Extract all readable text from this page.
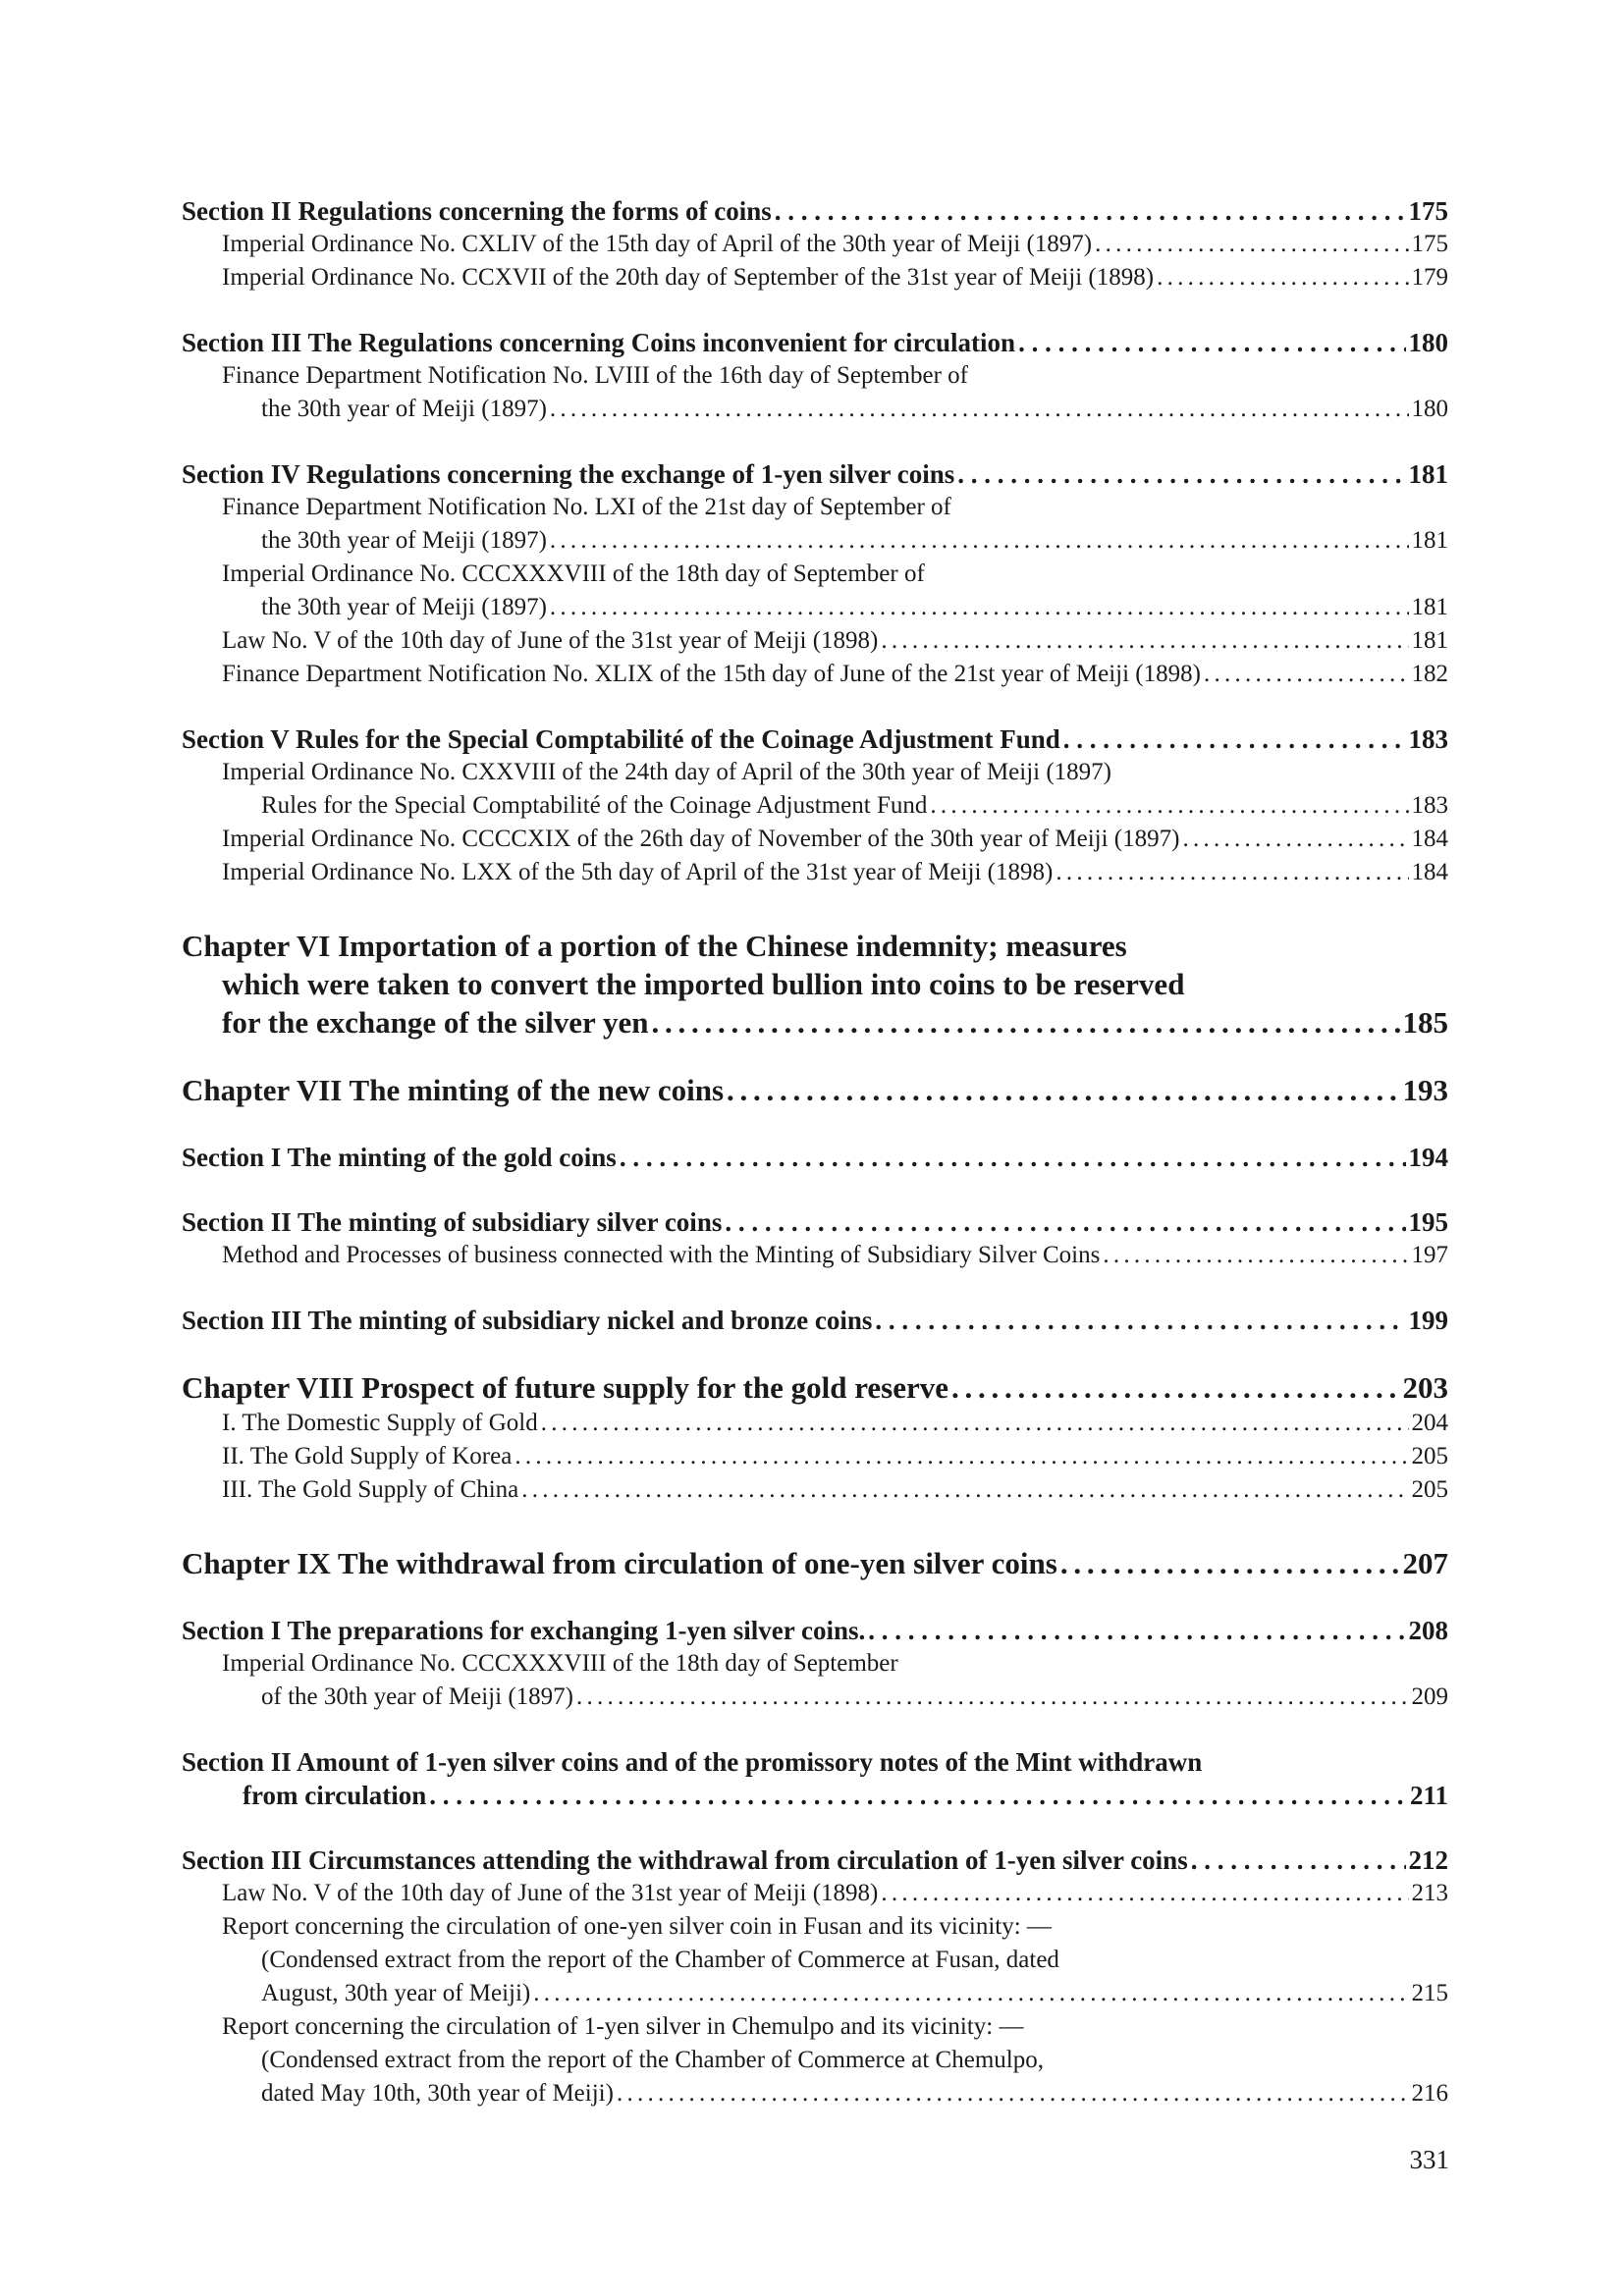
Section II Regulations concerning the forms of coins . . .	175
Imperial Ordinance No. CXLIV of the 15th day of April of the 30th year of Meiji (1897) . . .	175
Imperial Ordinance No. CCXVII of the 20th day of September of the 31st year of Meiji (1898) . . .	179
Section III The Regulations concerning Coins inconvenient for circulation . . .	180
Finance Department Notification No. LVIII of the 16th day of September of
the 30th year of Meiji (1897) . . .	180
Section IV Regulations concerning the exchange of 1-yen silver coins . . .	181
Finance Department Notification No. LXI of the 21st day of September of
the 30th year of Meiji (1897) . . .	181
Imperial Ordinance No. CCCXXXVIII of the 18th day of September of
the 30th year of Meiji (1897) . . .	181
Law No. V of the 10th day of June of the 31st year of Meiji (1898) . . .	181
Finance Department Notification No. XLIX of the 15th day of June of the 21st year of Meiji (1898) . . .	182
Section V Rules for the Special Comptabilité of the Coinage Adjustment Fund . . .	183
Imperial Ordinance No. CXXVIII of the 24th day of April of the 30th year of Meiji (1897)
Rules for the Special Comptabilité of the Coinage Adjustment Fund . . .	183
Imperial Ordinance No. CCCCXIX of the 26th day of November of the 30th year of Meiji (1897) . . .	184
Imperial Ordinance No. LXX of the 5th day of April of the 31st year of Meiji (1898) . . .	184
Chapter VI Importation of a portion of the Chinese indemnity; measures
which were taken to convert the imported bullion into coins to be reserved
for the exchange of the silver yen . . .	185
Chapter VII The minting of the new coins . . .	193
Section I The minting of the gold coins . . .	194
Section II The minting of subsidiary silver coins . . .	195
Method and Processes of business connected with the Minting of Subsidiary Silver Coins . . .	197
Section III The minting of subsidiary nickel and bronze coins . . .	199
Chapter VIII Prospect of future supply for the gold reserve . . .	203
I. The Domestic Supply of Gold . . .	204
II. The Gold Supply of Korea . . .	205
III. The Gold Supply of China . . .	205
Chapter IX The withdrawal from circulation of one-yen silver coins . . .	207
Section I The preparations for exchanging 1-yen silver coins. . . .	208
Imperial Ordinance No. CCCXXXVIII of the 18th day of September
of the 30th year of Meiji (1897) . . .	209
Section II Amount of 1-yen silver coins and of the promissory notes of the Mint withdrawn
from circulation . . .	211
Section III Circumstances attending the withdrawal from circulation of 1-yen silver coins . . .	212
Law No. V of the 10th day of June of the 31st year of Meiji (1898) . . .	213
Report concerning the circulation of one-yen silver coin in Fusan and its vicinity: —
(Condensed extract from the report of the Chamber of Commerce at Fusan, dated
August, 30th year of Meiji) . . .	215
Report concerning the circulation of 1-yen silver in Chemulpo and its vicinity: —
(Condensed extract from the report of the Chamber of Commerce at Chemulpo,
dated May 10th, 30th year of Meiji) . . .	216
331
